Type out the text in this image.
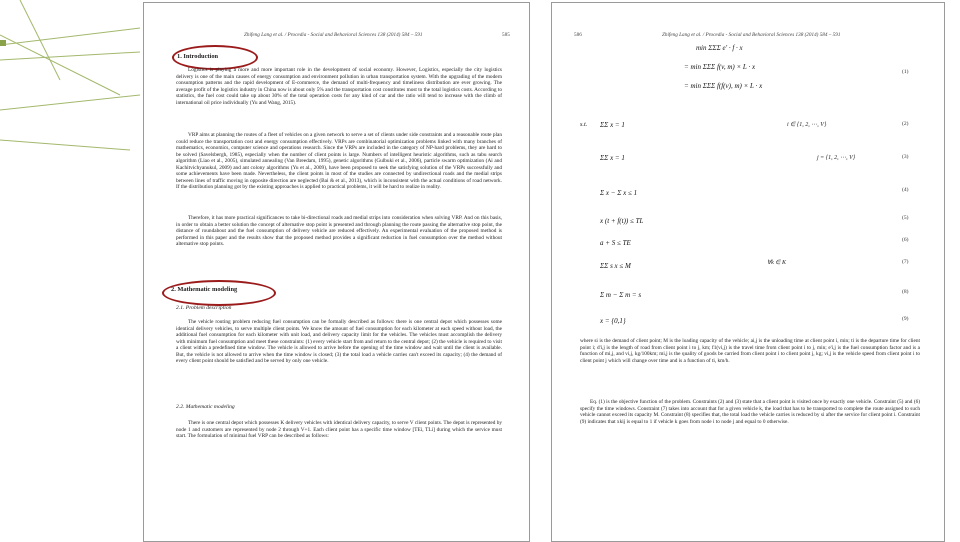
Zhifeng Lang et al. / Procedia - Social and Behavioral Sciences 138 (2014) 584 – 591	585
1. Introduction
Logistics is playing a more and more important role in the development of social economy. However, Logistics, especially the city logistics delivery is one of the main causes of energy consumption and environment pollution in urban transportation system. With the upgrading of the modern consumption patterns and the rapid development of E-commerce, the demand of multi-frequency and timeliness distribution are ever growing. The average profit of the logistics industry in China now is about only 5% and the transportation cost constitutes most to the total logistics costs. According to statistics, the fuel cost could take up about 30% of the total operation costs for any kind of car and the ratio will tend to increase with the climb of international oil price individually (Yu and Wang, 2015).
VRP aims at planning the routes of a fleet of vehicles on a given network to serve a set of clients under side constraints and a reasonable route plan could reduce the transportation cost and energy consumption effectively. VRPs are combinatorial optimization problems linked with many branches of mathematics, economics, computer science and operations research. Since the VRPs are included in the category of NP-hard problems, they are hard to be solved (Savelsbergh, 1985), especially when the number of client points is large. Numbers of intelligent heuristic algorithms, such as tabu search algorithm (Liao et al., 2005), simulated annealing (Van Breedam, 1995), genetic algorithms (Gulbuki et al., 2006), particle swarm optimization (Ai and Kachitvichyanukul, 2009) and ant colony algorithms (Yu et al., 2009), have been proposed to seek the satisfying solution of the VRPs successfully and some achievements have been made. Nevertheless, the client points in most of the studies are connected by undirectional roads and the medial strips between lines of traffic moving in opposite direction are neglected (Bai & et al., 2013), which is inconsistent with the actual conditions of road network. If the distribution planning got by the existing approaches is applied to practical problems, it will be hard to realize in reality.
Therefore, it has more practical significances to take bi-directional roads and medial strips into consideration when solving VRP. And on this basis, in order to obtain a better solution the concept of alternative stop point is presented and through planning the route passing the alternative stop point, the distance of roundabout and the fuel consumption of delivery vehicle are reduced effectively. An experimental evaluation of the proposed method is performed in this paper and the results show that the proposed method provides a significant reduction in fuel consumption over the method without alternative stop points.
2. Mathematic modeling
2.1. Problem description
The vehicle routing problem reducing fuel consumption can be formally described as follows: there is one central depot which possesses some identical delivery vehicles, to serve multiple client points. We know the amount of fuel consumption for each kilometer at each speed without load, the additional fuel consumption for each kilometer with unit load, and delivery capacity limit for the vehicles. The vehicles must accomplish the delivery with minimum fuel consumption and meet these constraints: (1) every vehicle start from and return to the central depot; (2) the vehicle is required to visit a client within a predefined time window. The vehicle is allowed to arrive before the opening of the time window and wait until the client is available. But, the vehicle is not allowed to arrive when the time window is closed; (3) the total load a vehicle carries can't exceed its capacity; (4) the demand of every client point should be satisfied and be served by only one vehicle.
2.2. Mathematic modeling
There is one central depot which possesses K delivery vehicles with identical delivery capacity, to serve V client points. The depot is represented by node 1 and customers are represented by node 2 through V+1. Each client point has a specific time window [TEi, TLi] during which the service must start. The formulation of minimal fuel VRP can be described as follows:
586	Zhifeng Lang et al. / Procedia - Social and Behavioral Sciences 138 (2014) 584 – 591
min ΣΣΣ e' · f · x
= min ΣΣΣ f(v, m) × L · x
= min ΣΣΣ f(f(v), m) × L · x
(1)
s.t. ΣΣ x = 1	i ∈ {1, 2, ⋯, V}	(2)
ΣΣ x = 1	j = {1, 2, ⋯, V}	(3)
Σ x − Σ x ≤ 1	(4)
x (t + f(t)) ≤ TL	(5)
a + S ≤ TE	(6)
ΣΣ s x ≤ M	∀k ∈ K	(7)
Σ m − Σ m = s	(8)
x = {0,1}	(9)
where si is the demand of client point; M is the loading capacity of the vehicle; ai,j is the unloading time at client point i, min; ti is the departure time for client point i; d'i,j is the length of road from client point i to j, km; f1(vi,j) is the travel time from client point i to j, min; e'i,j is the fuel consumption factor and is a function of mi,j, and vi,j, kg/100km; mi,j is the quality of goods be carried from client point i to client point j, kg; vi,j is the vehicle speed from client point i to client point j which will change over time and is a function of ti, km/h.
Eq. (1) is the objective function of the problem. Constraints (2) and (3) state that a client point is visited once by exactly one vehicle. Constraint (5) and (6) specify the time windows. Constraint (7) takes into account that for a given vehicle k, the load that has to be transported to complete the route assigned to such vehicle cannot exceed its capacity M. Constraint (8) specifies that, the total load the vehicle carries is reduced by si after the service for client point i. Constraint (9) indicates that xkij is equal to 1 if vehicle k goes from node i to node j and equal to 0 otherwise.
